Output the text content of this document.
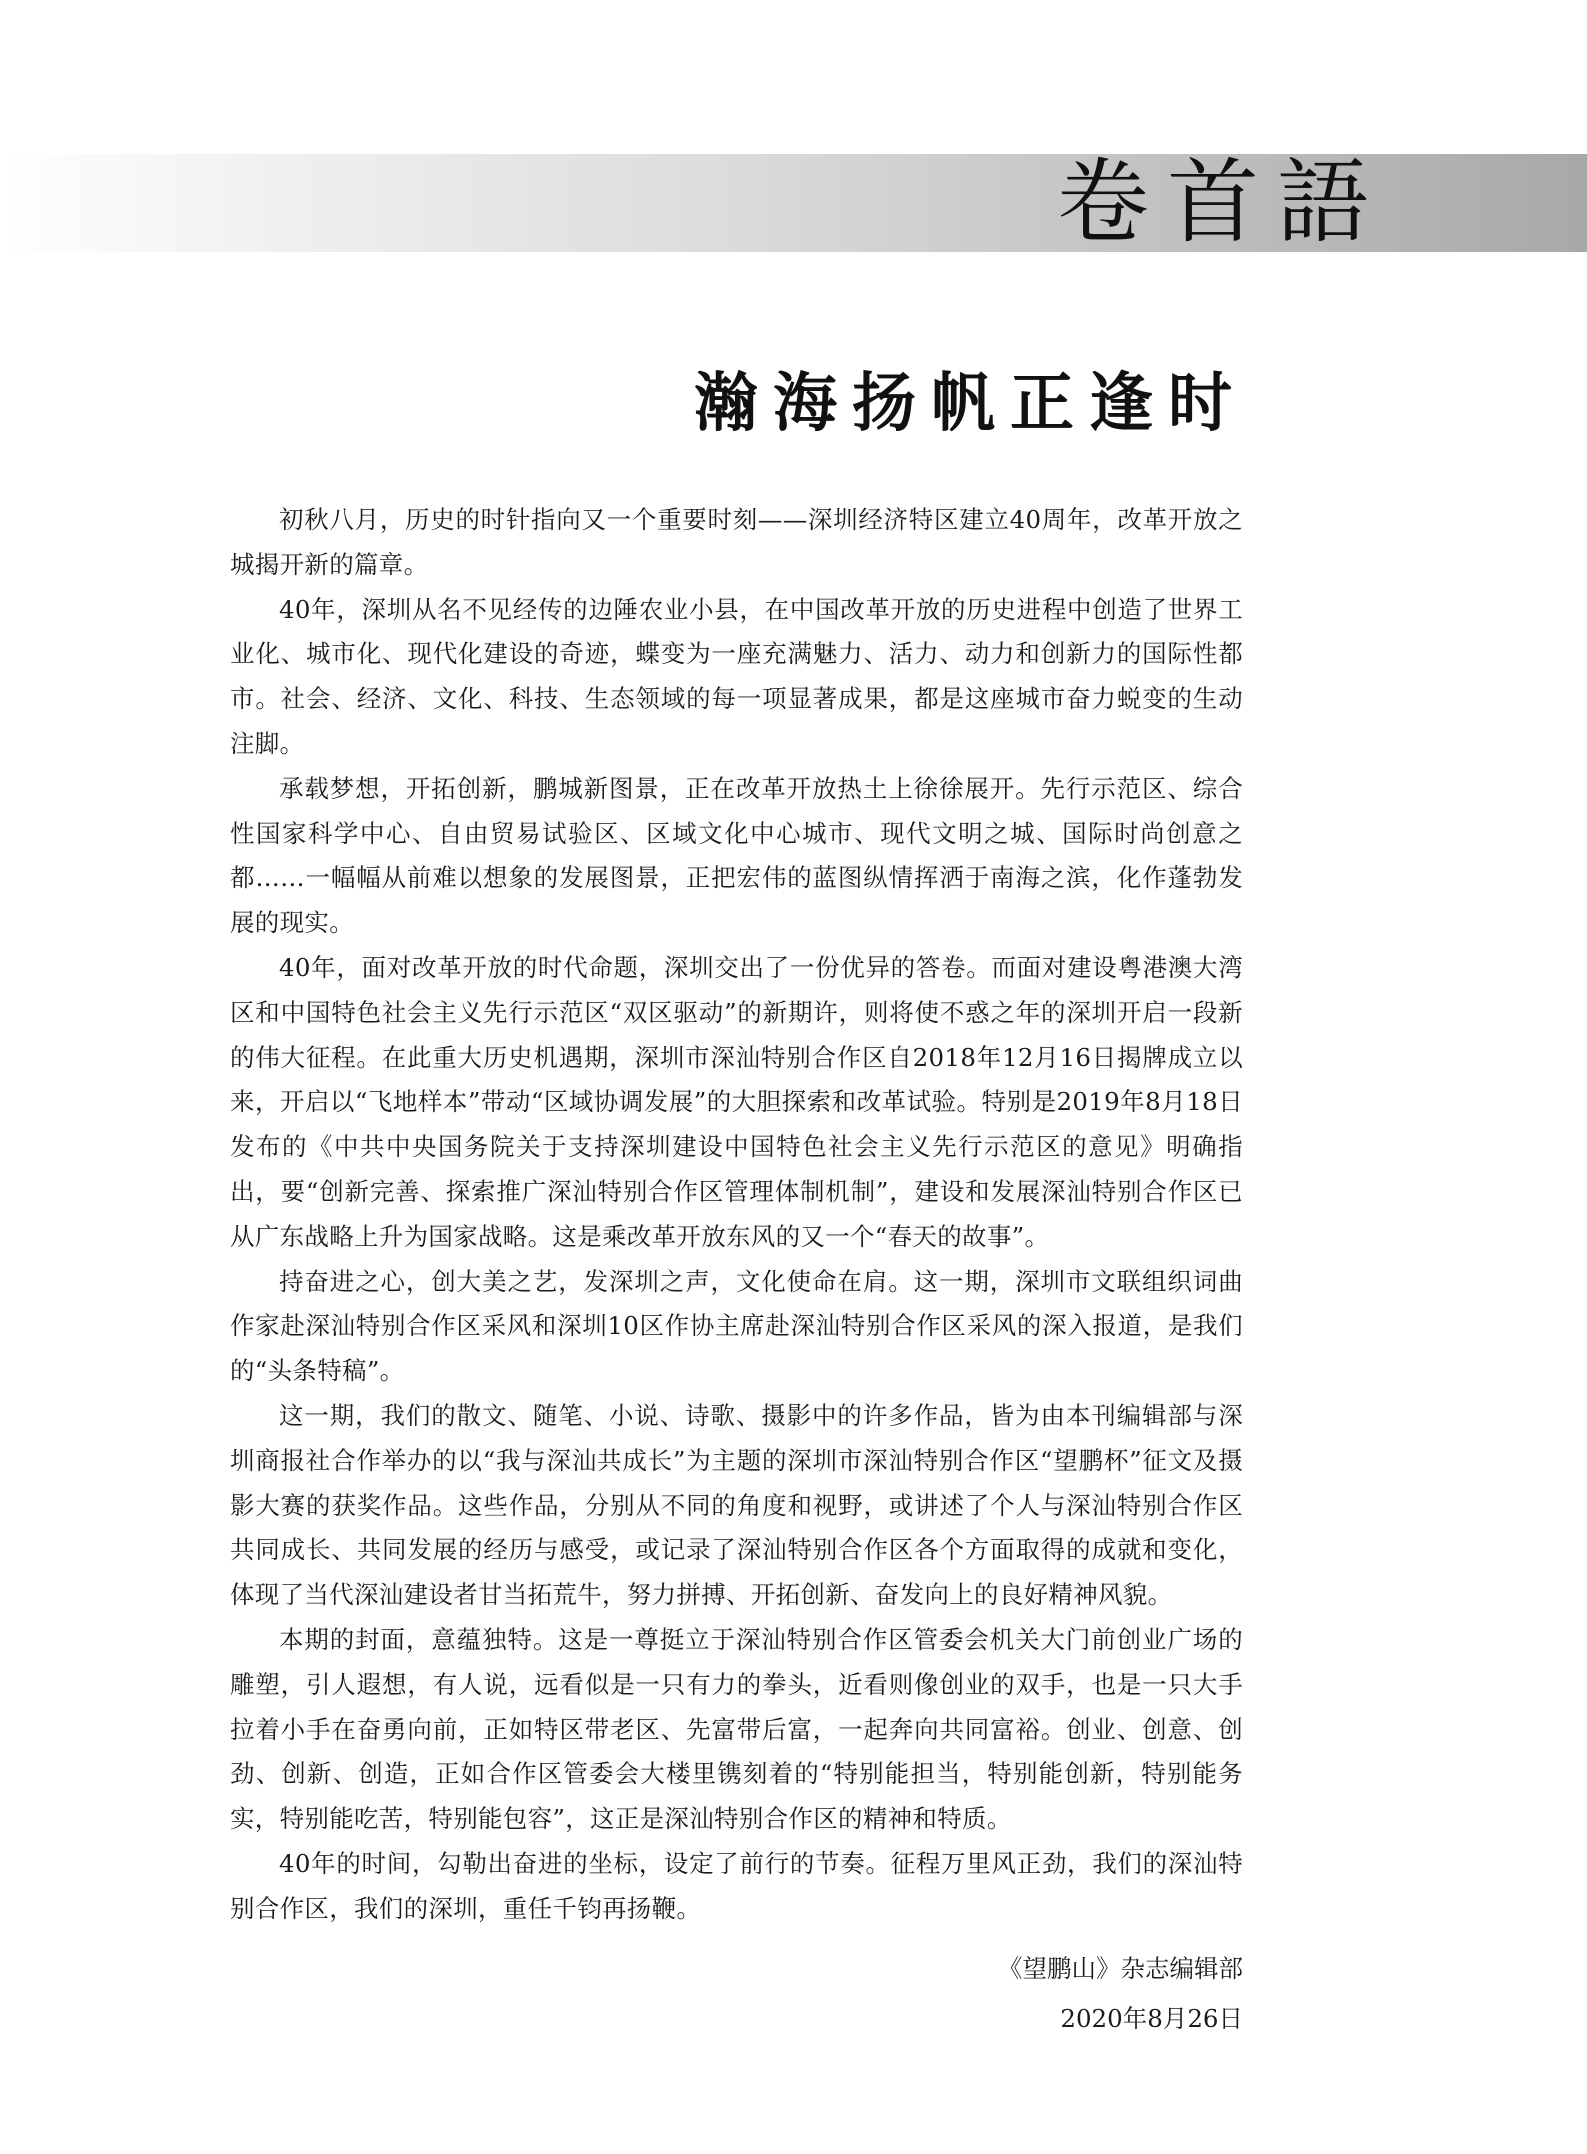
卷首語
瀚海扬帆正逢时

初秋八月，历史的时针指向又一个重要时刻——深圳经济特区建立40周年，改革开放之城揭开新的篇章。

40年，深圳从名不见经传的边陲农业小县，在中国改革开放的历史进程中创造了世界工业化、城市化、现代化建设的奇迹，蝶变为一座充满魅力、活力、动力和创新力的国际性都市。社会、经济、文化、科技、生态领域的每一项显著成果，都是这座城市奋力蜕变的生动注脚。

承载梦想，开拓创新，鹏城新图景，正在改革开放热土上徐徐展开。先行示范区、综合性国家科学中心、自由贸易试验区、区域文化中心城市、现代文明之城、国际时尚创意之都……一幅幅从前难以想象的发展图景，正把宏伟的蓝图纵情挥洒于南海之滨，化作蓬勃发展的现实。

40年，面对改革开放的时代命题，深圳交出了一份优异的答卷。而面对建设粤港澳大湾区和中国特色社会主义先行示范区“双区驱动”的新期许，则将使不惑之年的深圳开启一段新的伟大征程。在此重大历史机遇期，深圳市深汕特别合作区自2018年12月16日揭牌成立以来，开启以“飞地样本”带动“区域协调发展”的大胆探索和改革试验。特别是2019年8月18日发布的《中共中央国务院关于支持深圳建设中国特色社会主义先行示范区的意见》明确指出，要“创新完善、探索推广深汕特别合作区管理体制机制”，建设和发展深汕特别合作区已从广东战略上升为国家战略。这是乘改革开放东风的又一个“春天的故事”。

持奋进之心，创大美之艺，发深圳之声，文化使命在肩。这一期，深圳市文联组织词曲作家赴深汕特别合作区采风和深圳10区作协主席赴深汕特别合作区采风的深入报道，是我们的“头条特稿”。

这一期，我们的散文、随笔、小说、诗歌、摄影中的许多作品，皆为由本刊编辑部与深圳商报社合作举办的以“我与深汕共成长”为主题的深圳市深汕特别合作区“望鹏杯”征文及摄影大赛的获奖作品。这些作品，分别从不同的角度和视野，或讲述了个人与深汕特别合作区共同成长、共同发展的经历与感受，或记录了深汕特别合作区各个方面取得的成就和变化，体现了当代深汕建设者甘当拓荒牛，努力拼搏、开拓创新、奋发向上的良好精神风貌。

本期的封面，意蕴独特。这是一尊挺立于深汕特别合作区管委会机关大门前创业广场的雕塑，引人遐想，有人说，远看似是一只有力的拳头，近看则像创业的双手，也是一只大手拉着小手在奋勇向前，正如特区带老区、先富带后富，一起奔向共同富裕。创业、创意、创劲、创新、创造，正如合作区管委会大楼里镌刻着的“特别能担当，特别能创新，特别能务实，特别能吃苦，特别能包容”，这正是深汕特别合作区的精神和特质。

40年的时间，勾勒出奋进的坐标，设定了前行的节奏。征程万里风正劲，我们的深汕特别合作区，我们的深圳，重任千钧再扬鞭。

《望鹏山》杂志编辑部
2020年8月26日
